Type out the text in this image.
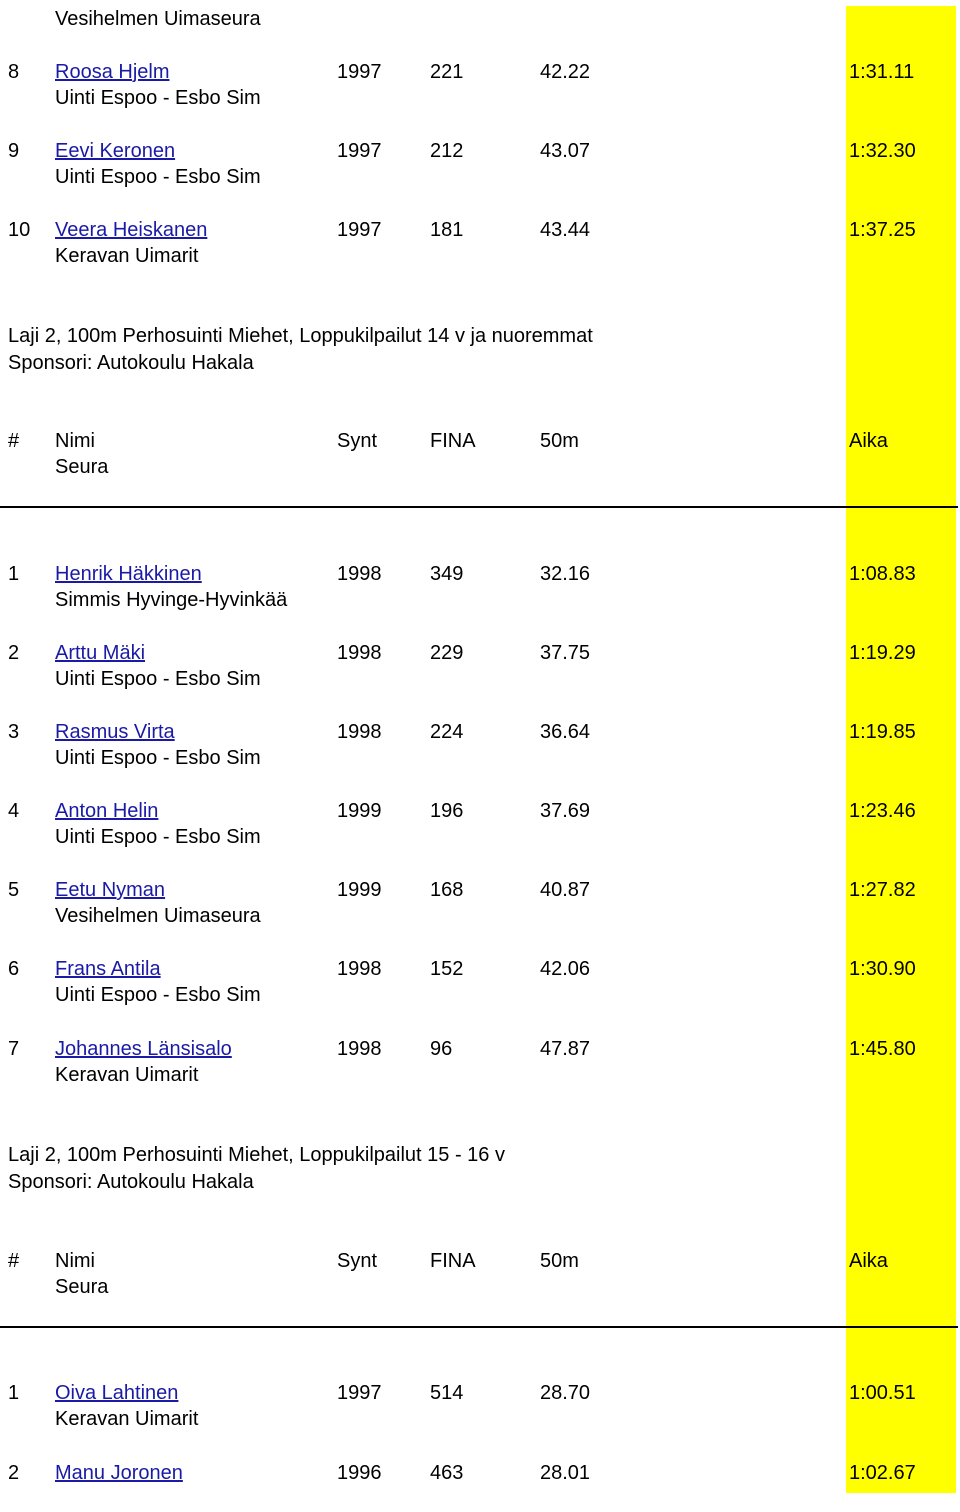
Vesihelmen Uimaseura
8 Roosa Hjelm	1997 221	42.22	1:31.11
Uinti Espoo - Esbo Sim
9 Eevi Keronen	1997 212	43.07	1:32.30
Uinti Espoo - Esbo Sim
10 Veera Heiskanen	1997 181	43.44	1:37.25
Keravan Uimarit
Laji 2, 100m Perhosuinti Miehet, Loppukilpailut 14 v ja nuoremmat
Sponsori: Autokoulu Hakala
# Nimi	Synt	FINA	50m	Aika
Seura
1 Henrik Häkkinen	1998 349	32.16	1:08.83
Simmis Hyvinge-Hyvinkää
2 Arttu Mäki	1998 229	37.75	1:19.29
Uinti Espoo - Esbo Sim
3 Rasmus Virta	1998 224	36.64	1:19.85
Uinti Espoo - Esbo Sim
4 Anton Helin	1999 196	37.69	1:23.46
Uinti Espoo - Esbo Sim
5 Eetu Nyman	1999 168	40.87	1:27.82
Vesihelmen Uimaseura
6 Frans Antila	1998 152	42.06	1:30.90
Uinti Espoo - Esbo Sim
7 Johannes Länsisalo	1998 96	47.87	1:45.80
Keravan Uimarit
Laji 2, 100m Perhosuinti Miehet, Loppukilpailut 15 - 16 v
Sponsori: Autokoulu Hakala
# Nimi	Synt	FINA	50m	Aika
Seura
1 Oiva Lahtinen	1997 514	28.70	1:00.51
Keravan Uimarit
2 Manu Joronen	1996 463	28.01	1:02.67
